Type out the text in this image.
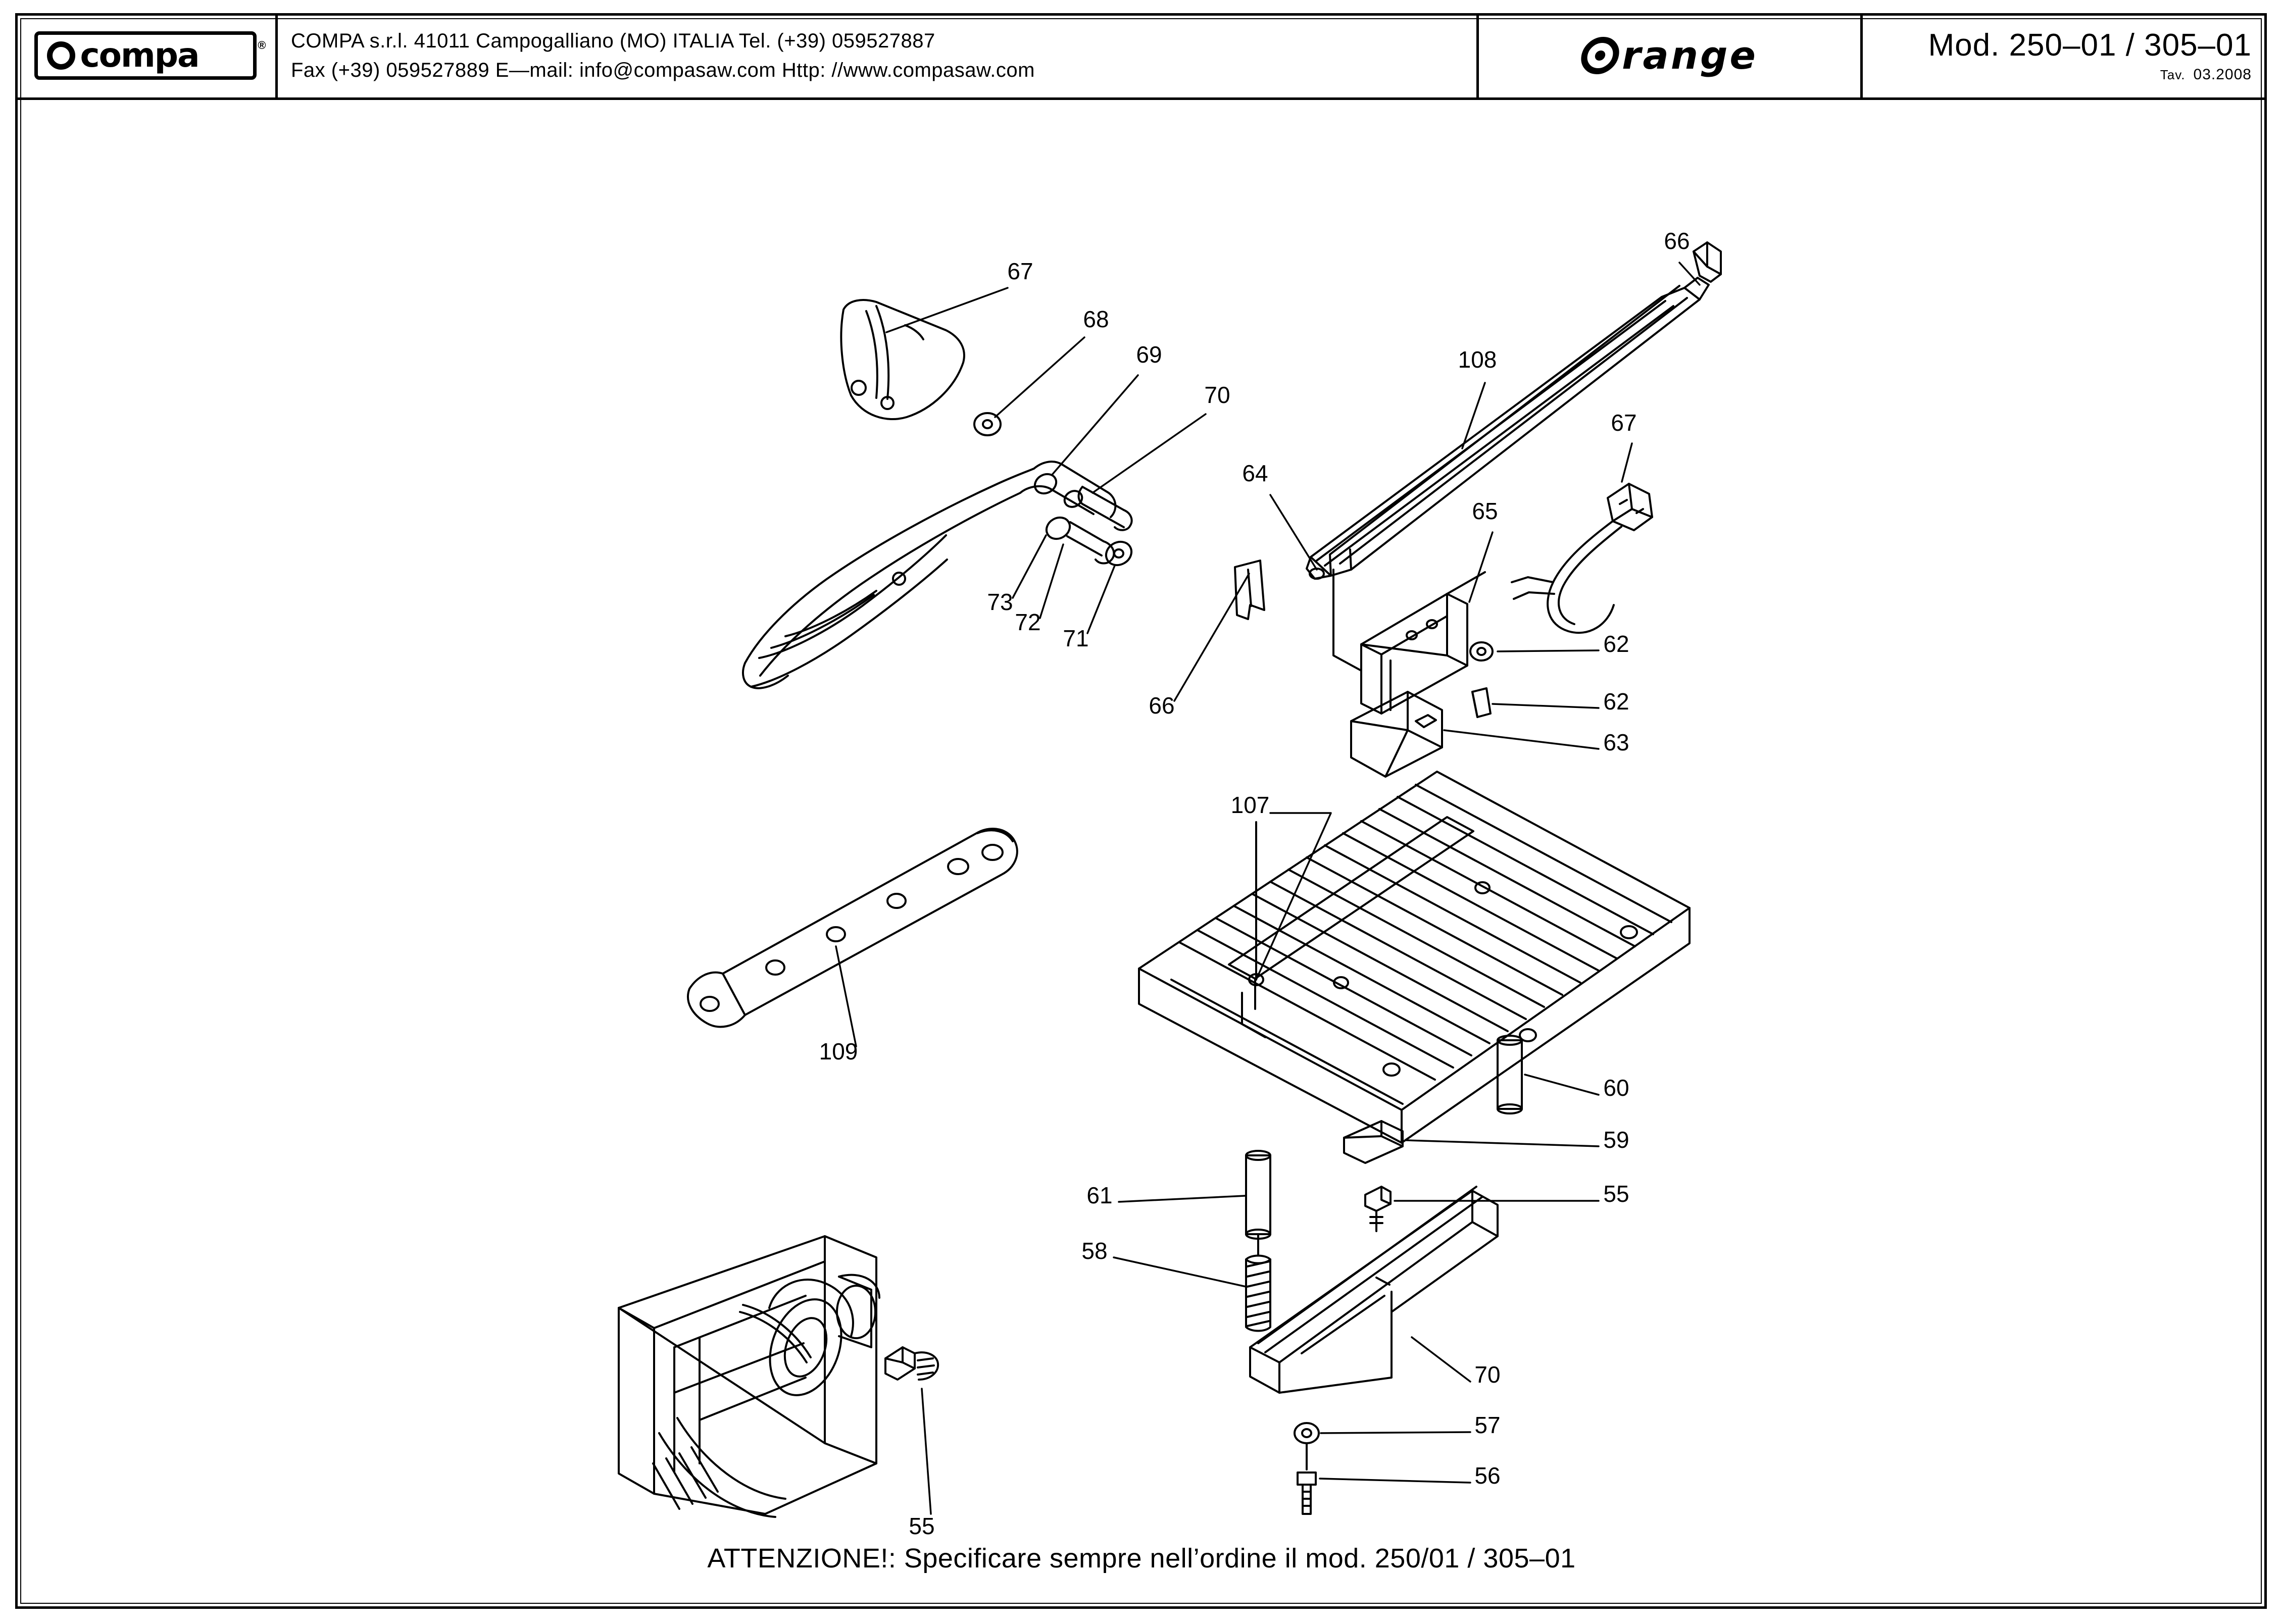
compa	® COMPA s.r.l. 41011 Campogalliano (MO) ITALIA Tel. (+39) 059527887
Fax (+39) 059527889 E—mail: info@compasaw.com Http: //www.compasaw.com	range	Mod. 250–01 / 305–01
Tav. 03.2008
67
68
69
70
73
72
71
66
64
108
66
67
65
62
62
63
107
109
60
59
55
61
58
70
57
56
55
ATTENZIONE!: Specificare sempre nell’ordine il mod. 250/01 / 305–01
